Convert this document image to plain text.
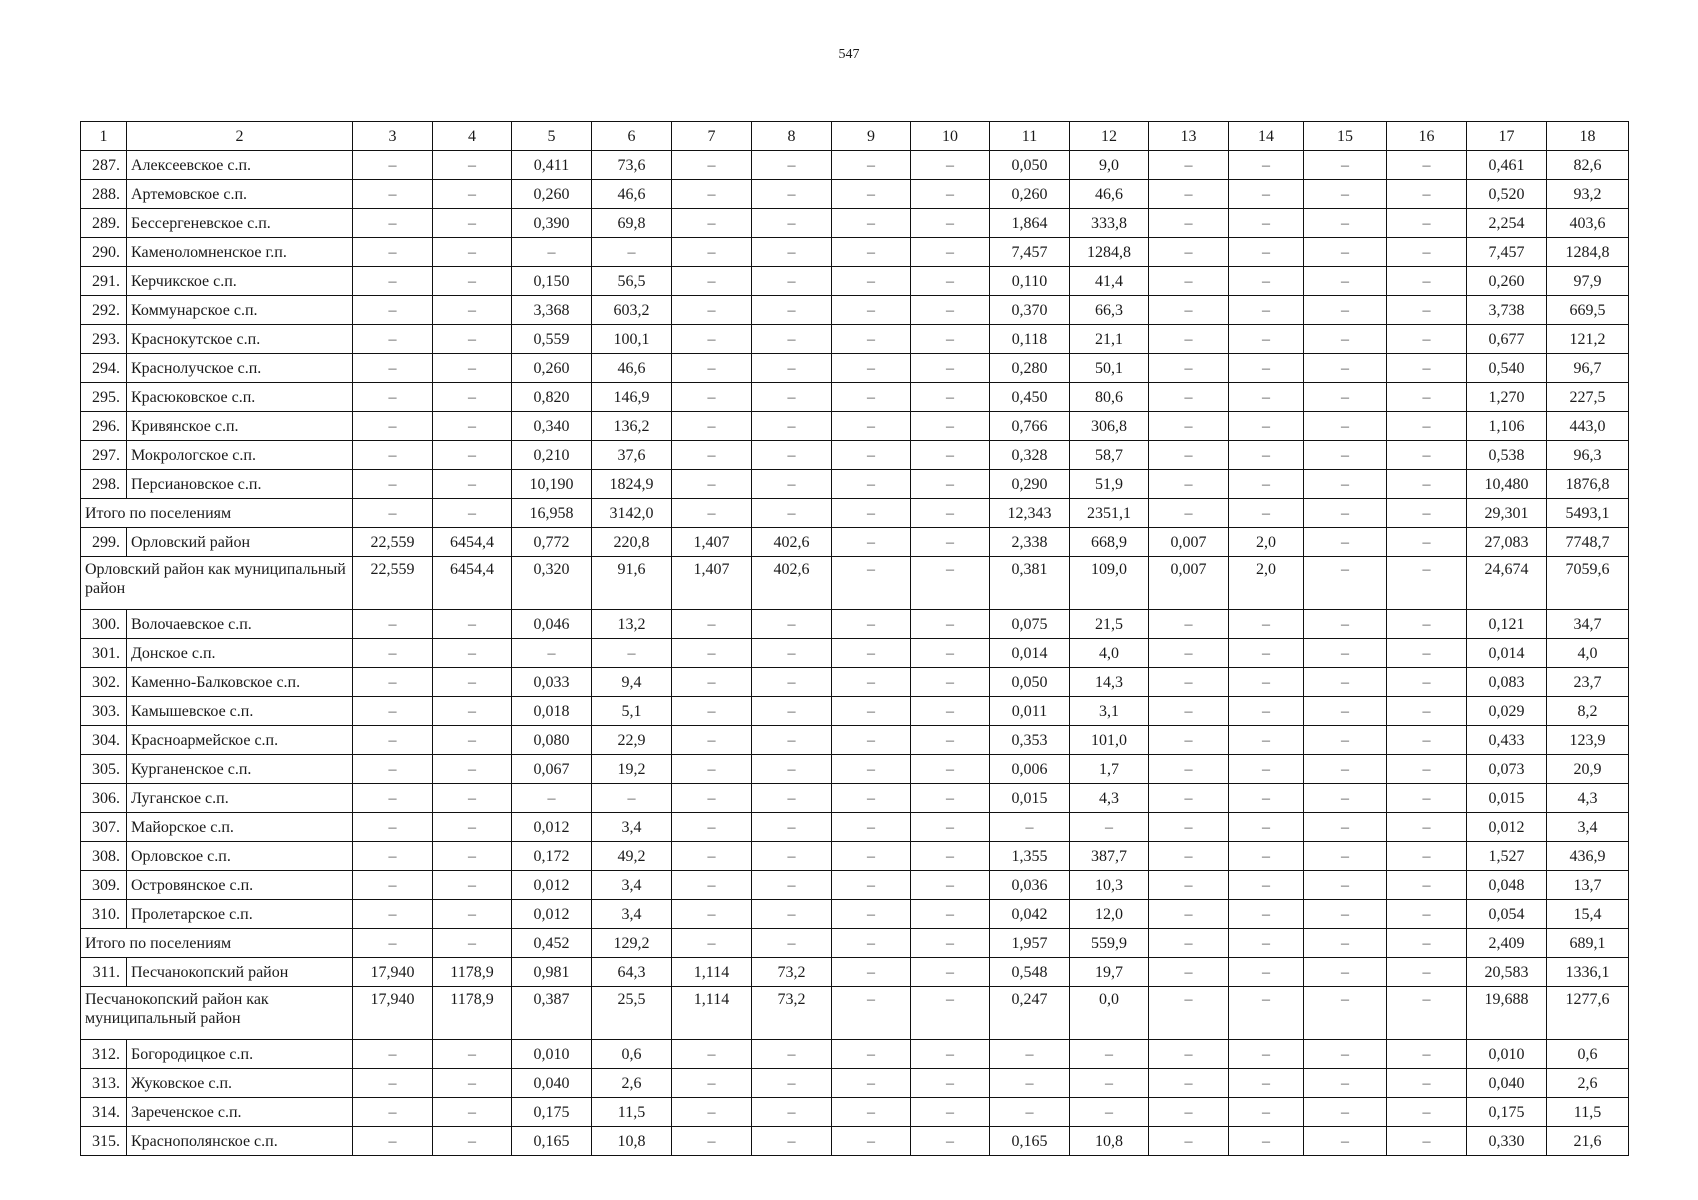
547
1	2	3	4	5	6	7	8	9	10	11	12	13	14	15	16	17	18
287.	Алексеевское с.п.	–	–	0,411	73,6	–	–	–	–	0,050	9,0	–	–	–	–	0,461	82,6
288.	Артемовское с.п.	–	–	0,260	46,6	–	–	–	–	0,260	46,6	–	–	–	–	0,520	93,2
289.	Бессергеневское с.п.	–	–	0,390	69,8	–	–	–	–	1,864	333,8	–	–	–	–	2,254	403,6
290.	Каменоломненское г.п.	–	–	–	–	–	–	–	–	7,457	1284,8	–	–	–	–	7,457	1284,8
291.	Керчикское с.п.	–	–	0,150	56,5	–	–	–	–	0,110	41,4	–	–	–	–	0,260	97,9
292.	Коммунарское с.п.	–	–	3,368	603,2	–	–	–	–	0,370	66,3	–	–	–	–	3,738	669,5
293.	Краснокутское с.п.	–	–	0,559	100,1	–	–	–	–	0,118	21,1	–	–	–	–	0,677	121,2
294.	Краснолучское с.п.	–	–	0,260	46,6	–	–	–	–	0,280	50,1	–	–	–	–	0,540	96,7
295.	Красюковское с.п.	–	–	0,820	146,9	–	–	–	–	0,450	80,6	–	–	–	–	1,270	227,5
296.	Кривянское с.п.	–	–	0,340	136,2	–	–	–	–	0,766	306,8	–	–	–	–	1,106	443,0
297.	Мокрологское с.п.	–	–	0,210	37,6	–	–	–	–	0,328	58,7	–	–	–	–	0,538	96,3
298.	Персиановское с.п.	–	–	10,190	1824,9	–	–	–	–	0,290	51,9	–	–	–	–	10,480	1876,8
Итого по поселениям		–	–	16,958	3142,0	–	–	–	–	12,343	2351,1	–	–	–	–	29,301	5493,1
299.	Орловский район	22,559	6454,4	0,772	220,8	1,407	402,6	–	–	2,338	668,9	0,007	2,0	–	–	27,083	7748,7
Орловский район как муниципальный район		22,559	6454,4	0,320	91,6	1,407	402,6	–	–	0,381	109,0	0,007	2,0	–	–	24,674	7059,6
300.	Волочаевское с.п.	–	–	0,046	13,2	–	–	–	–	0,075	21,5	–	–	–	–	0,121	34,7
301.	Донское с.п.	–	–	–	–	–	–	–	–	0,014	4,0	–	–	–	–	0,014	4,0
302.	Каменно-Балковское с.п.	–	–	0,033	9,4	–	–	–	–	0,050	14,3	–	–	–	–	0,083	23,7
303.	Камышевское с.п.	–	–	0,018	5,1	–	–	–	–	0,011	3,1	–	–	–	–	0,029	8,2
304.	Красноармейское с.п.	–	–	0,080	22,9	–	–	–	–	0,353	101,0	–	–	–	–	0,433	123,9
305.	Курганенское с.п.	–	–	0,067	19,2	–	–	–	–	0,006	1,7	–	–	–	–	0,073	20,9
306.	Луганское с.п.	–	–	–	–	–	–	–	–	0,015	4,3	–	–	–	–	0,015	4,3
307.	Майорское с.п.	–	–	0,012	3,4	–	–	–	–	–	–	–	–	–	–	0,012	3,4
308.	Орловское с.п.	–	–	0,172	49,2	–	–	–	–	1,355	387,7	–	–	–	–	1,527	436,9
309.	Островянское с.п.	–	–	0,012	3,4	–	–	–	–	0,036	10,3	–	–	–	–	0,048	13,7
310.	Пролетарское с.п.	–	–	0,012	3,4	–	–	–	–	0,042	12,0	–	–	–	–	0,054	15,4
Итого по поселениям		–	–	0,452	129,2	–	–	–	–	1,957	559,9	–	–	–	–	2,409	689,1
311.	Песчанокопский район	17,940	1178,9	0,981	64,3	1,114	73,2	–	–	0,548	19,7	–	–	–	–	20,583	1336,1
Песчанокопский район как муниципальный район		17,940	1178,9	0,387	25,5	1,114	73,2	–	–	0,247	0,0	–	–	–	–	19,688	1277,6
312.	Богородицкое с.п.	–	–	0,010	0,6	–	–	–	–	–	–	–	–	–	–	0,010	0,6
313.	Жуковское с.п.	–	–	0,040	2,6	–	–	–	–	–	–	–	–	–	–	0,040	2,6
314.	Зареченское с.п.	–	–	0,175	11,5	–	–	–	–	–	–	–	–	–	–	0,175	11,5
315.	Краснополянское с.п.	–	–	0,165	10,8	–	–	–	–	0,165	10,8	–	–	–	–	0,330	21,6
